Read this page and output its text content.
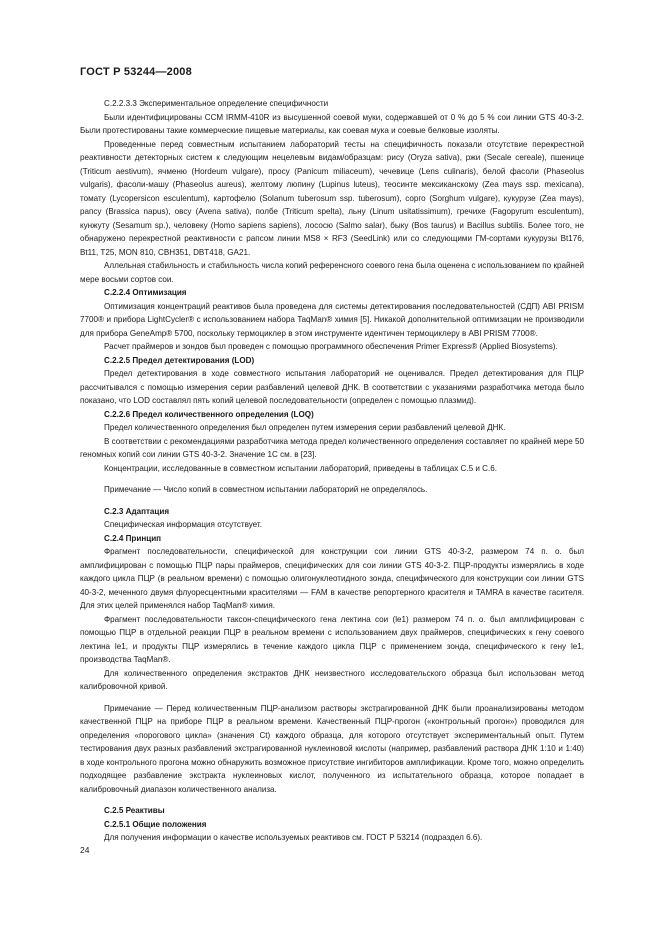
ГОСТ Р 53244—2008

С.2.2.3.3 Экспериментальное определение специфичности

Были идентифицированы ССМ IRMM-410R из высушенной соевой муки, содержавшей от 0 % до 5 % сои линии GTS 40-3-2. Были протестированы такие коммерческие пищевые материалы, как соевая мука и соевые белковые изоляты.

Проведенные перед совместным испытанием лабораторий тесты на специфичность показали отсутствие перекрестной реактивности детекторных систем к следующим нецелевым видам/образцам: рису (Oryza sativa), ржи (Secale cereale), пшенице (Triticum aestivum), ячменю (Hordeum vulgare), просу (Panicum miliaceum), чечевице (Lens culinaris), белой фасоли (Phaseolus vulgaris), фасоли-машу (Phaseolus aureus), желтому люпину (Lupinus luteus), теосинте мексиканскому (Zea mays ssp. mexicana), томату (Lycopersicon esculentum), картофелю (Solanum tuberosum ssp. tuberosum), сорго (Sorghum vulgare), кукурузе (Zea mays), рапсу (Brassica napus), овсу (Avena sativa), полбе (Triticum spelta), льну (Linum usitatissimum), гречихе (Fagopyrum esculentum), кунжуту (Sesamum sp.), человеку (Homo sapiens sapiens), лососю (Salmo salar), быку (Bos taurus) и Bacillus subtilis. Более того, не обнаружено перекрестной реактивности с рапсом линии MS8 × RF3 (SeedLink) или со следующими ГМ-сортами кукурузы Bt176, Bt11, T25, MON 810, CBH351, DBT418, GA21.

Аллельная стабильность и стабильность числа копий референсного соевого гена была оценена с использованием по крайней мере восьми сортов сои.

С.2.2.4 Оптимизация

Оптимизация концентраций реактивов была проведена для системы детектирования последовательностей (СДП) ABI PRISM 7700® и прибора LightCycler® с использованием набора TaqMan® химия [5]. Никакой дополнительной оптимизации не производили для прибора GeneAmp® 5700, поскольку термоциклер в этом инструменте идентичен термоциклеру в ABI PRISM 7700®.

Расчет праймеров и зондов был проведен с помощью программного обеспечения Primer Express® (Applied Biosystems).

С.2.2.5 Предел детектирования (LOD)

Предел детектирования в ходе совместного испытания лабораторий не оценивался. Предел детектирования для ПЦР рассчитывался с помощью измерения серии разбавлений целевой ДНК. В соответствии с указаниями разработчика метода было показано, что LOD составлял пять копий целевой последовательности (определен с помощью плазмид).

С.2.2.6 Предел количественного определения (LOQ)

Предел количественного определения был определен путем измерения серии разбавлений целевой ДНК.

В соответствии с рекомендациями разработчика метода предел количественного определения составляет по крайней мере 50 геномных копий сои линии GTS 40-3-2. Значение 1С см. в [23].

Концентрации, исследованные в совместном испытании лабораторий, приведены в таблицах С.5 и С.6.

Примечание — Число копий в совместном испытании лабораторий не определялось.

С.2.3 Адаптация

Специфическая информация отсутствует.

С.2.4 Принцип

Фрагмент последовательности, специфической для конструкции сои линии GTS 40-3-2, размером 74 п. о. был амплифицирован с помощью ПЦР пары праймеров, специфических для сои линии GTS 40-3-2. ПЦР-продукты измерялись в ходе каждого цикла ПЦР (в реальном времени) с помощью олигонуклеотидного зонда, специфического для конструкции сои линии GTS 40-3-2, меченного двумя флуоресцентными красителями — FAM в качестве репортерного красителя и TAMRA в качестве гасителя. Для этих целей применялся набор TaqMan® химия.

Фрагмент последовательности таксон-специфического гена лектина сои (le1) размером 74 п. о. был амплифицирован с помощью ПЦР в отдельной реакции ПЦР в реальном времени с использованием двух праймеров, специфических к гену соевого лектина le1, и продукты ПЦР измерялись в течение каждого цикла ПЦР с применением зонда, специфического к гену le1, производства TaqMan®.

Для количественного определения экстрактов ДНК неизвестного исследовательского образца был использован метод калибровочной кривой.

Примечание — Перед количественным ПЦР-анализом растворы экстрагированной ДНК были проанализированы методом качественной ПЦР на приборе ПЦР в реальном времени. Качественный ПЦР-прогон («контрольный прогон») проводился для определения «порогового цикла» (значения Ct) каждого образца, для которого отсутствует экспериментальный опыт. Путем тестирования двух разных разбавлений экстрагированной нуклеиновой кислоты (например, разбавлений раствора ДНК 1:10 и 1:40) в ходе контрольного прогона можно обнаружить возможное присутствие ингибиторов амплификации. Кроме того, можно определить подходящее разбавление экстракта нуклеиновых кислот, полученного из испытательного образца, которое попадает в калибровочный диапазон количественного анализа.

С.2.5 Реактивы

С.2.5.1 Общие положения

Для получения информации о качестве используемых реактивов см. ГОСТ Р 53214 (подраздел 6.6).

24
